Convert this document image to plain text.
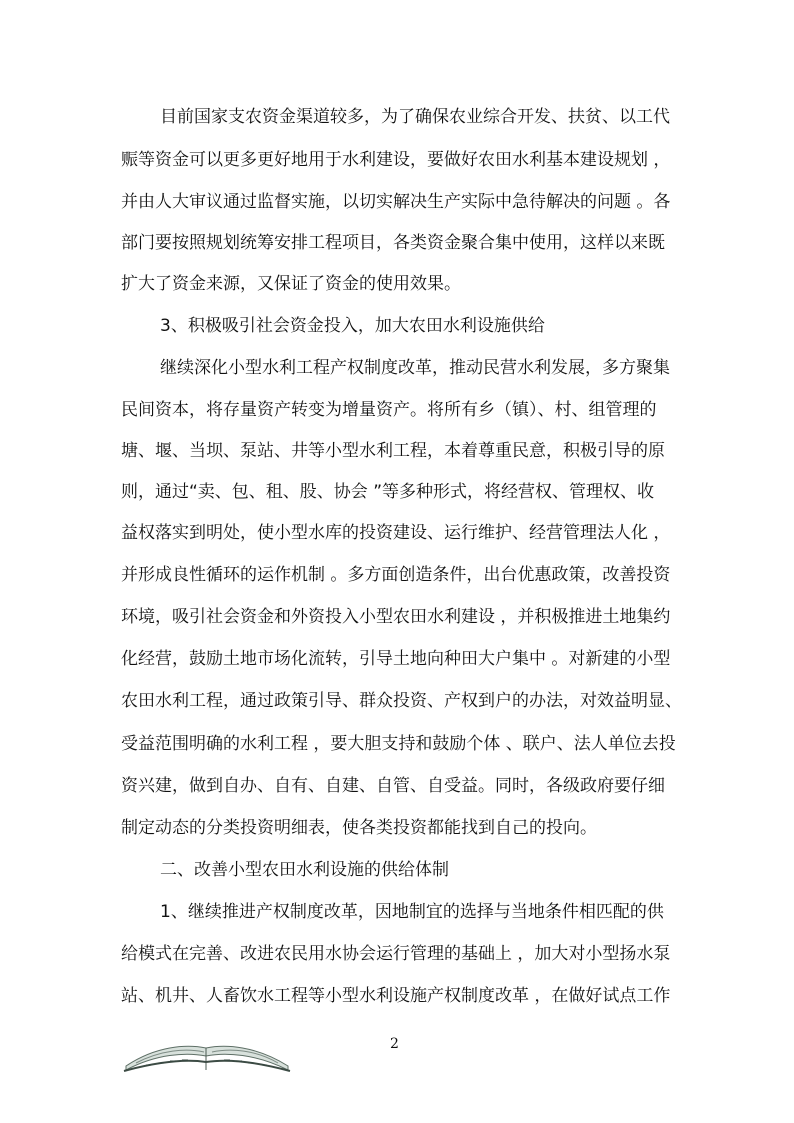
目前国家支农资金渠道较多，为了确保农业综合开发、扶贫、以工代
赈等资金可以更多更好地用于水利建设，要做好农田水利基本建设规划 ，
并由人大审议通过监督实施，以切实解决生产实际中急待解决的问题 。各
部门要按照规划统筹安排工程项目，各类资金聚合集中使用，这样以来既
扩大了资金来源，又保证了资金的使用效果。
3、积极吸引社会资金投入，加大农田水利设施供给
继续深化小型水利工程产权制度改革，推动民营水利发展，多方聚集
民间资本，将存量资产转变为增量资产。将所有乡（镇）、村、组管理的
塘、堰、当坝、泵站、井等小型水利工程，本着尊重民意，积极引导的原
则，通过“卖、包、租、股、协会 ”等多种形式，将经营权、管理权、收
益权落实到明处，使小型水库的投资建设、运行维护、经营管理法人化 ，
并形成良性循环的运作机制 。多方面创造条件，出台优惠政策，改善投资
环境，吸引社会资金和外资投入小型农田水利建设 ，并积极推进土地集约
化经营，鼓励土地市场化流转，引导土地向种田大户集中 。对新建的小型
农田水利工程，通过政策引导、群众投资、产权到户的办法，对效益明显、
受益范围明确的水利工程 ，要大胆支持和鼓励个体 、联户、法人单位去投
资兴建，做到自办、自有、自建、自管、自受益。同时，各级政府要仔细
制定动态的分类投资明细表，使各类投资都能找到自己的投向。
二、改善小型农田水利设施的供给体制
1、继续推进产权制度改革，因地制宜的选择与当地条件相匹配的供
给模式在完善、改进农民用水协会运行管理的基础上 ，加大对小型扬水泵
站、机井、人畜饮水工程等小型水利设施产权制度改革 ，在做好试点工作
2
